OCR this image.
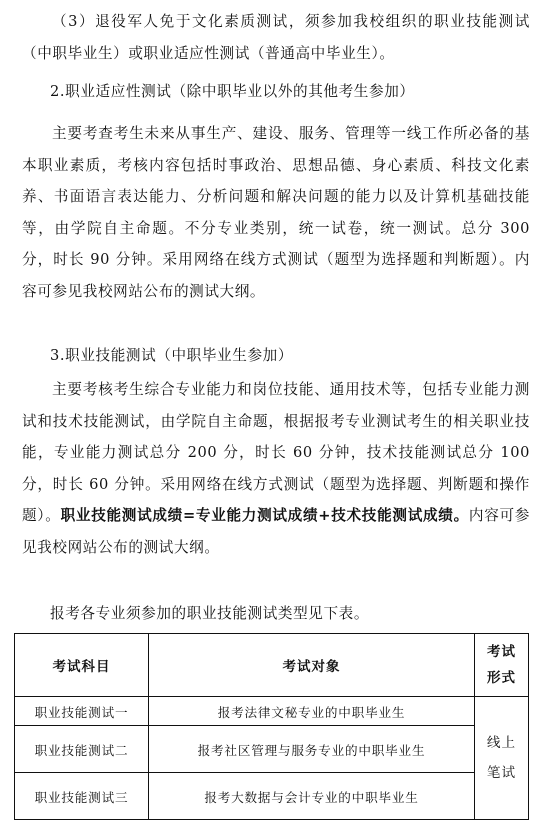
（3）退役军人免于文化素质测试，须参加我校组织的职业技能测试（中职毕业生）或职业适应性测试（普通高中毕业生）。

2.职业适应性测试（除中职毕业以外的其他考生参加）

主要考查考生未来从事生产、建设、服务、管理等一线工作所必备的基本职业素质，考核内容包括时事政治、思想品德、身心素质、科技文化素养、书面语言表达能力、分析问题和解决问题的能力以及计算机基础技能等，由学院自主命题。不分专业类别，统一试卷，统一测试。总分 300 分，时长 90 分钟。采用网络在线方式测试（题型为选择题和判断题）。内容可参见我校网站公布的测试大纲。

3.职业技能测试（中职毕业生参加）

主要考核考生综合专业能力和岗位技能、通用技术等，包括专业能力测试和技术技能测试，由学院自主命题，根据报考专业测试考生的相关职业技能，专业能力测试总分 200 分，时长 60 分钟，技术技能测试总分 100 分，时长 60 分钟。采用网络在线方式测试（题型为选择题、判断题和操作题）。职业技能测试成绩=专业能力测试成绩+技术技能测试成绩。内容可参见我校网站公布的测试大纲。

报考各专业须参加的职业技能测试类型见下表。

考试科目	考试对象	考试
形式

职业技能测试一	报考法律文秘专业的中职毕业生	线上
笔试

职业技能测试二	报考社区管理与服务专业的中职毕业生	
职业技能测试三	报考大数据与会计专业的中职毕业生	
